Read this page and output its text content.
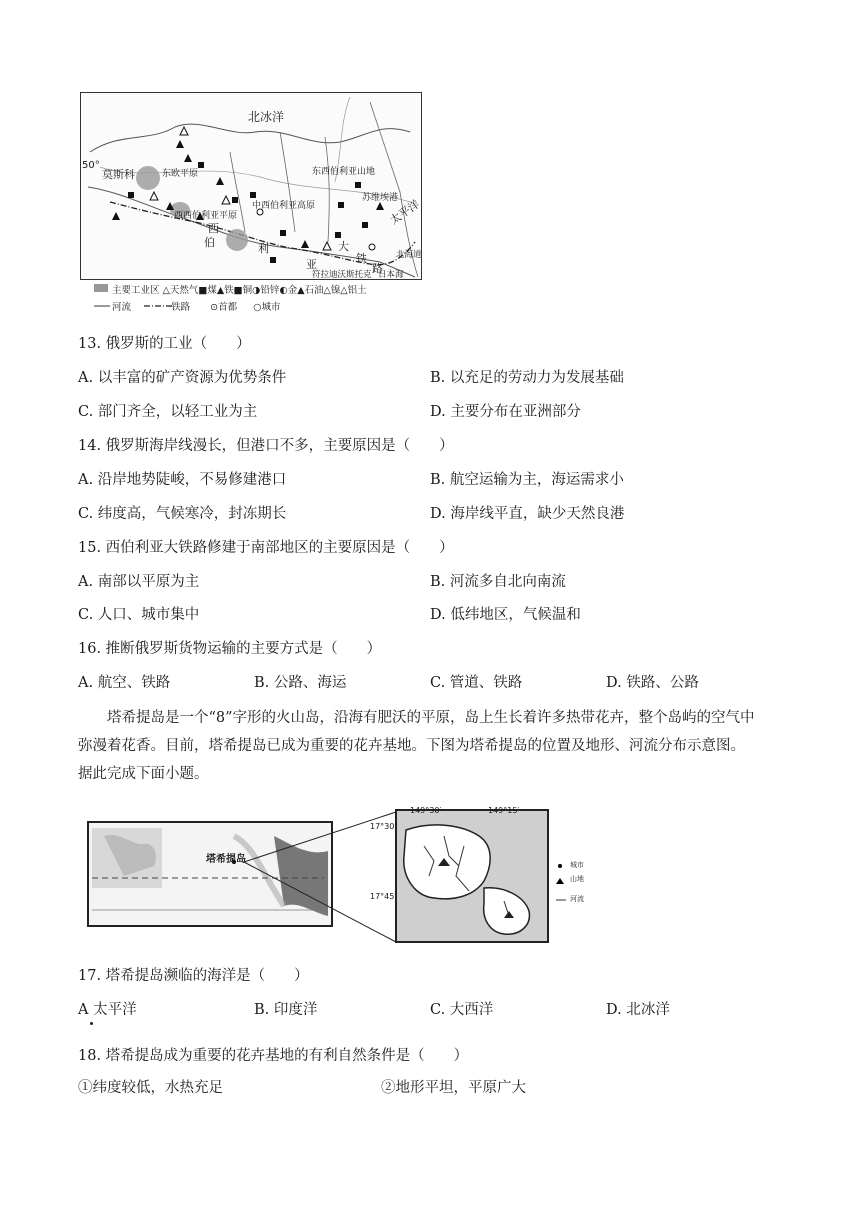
北冰洋
50°
莫斯科	东欧平原
西西伯利亚平原
中西伯利亚高原
东西伯利亚山地
苏维埃港
太平洋
西
伯	利
亚
大
铁
路
北海道
符拉迪沃斯托克 日本海
主要工业区 △天然气■煤▲铁■铜◑铅锌◐金▲石油△镍△铝土
河流	铁路 ⊙首都 ○城市
13. 俄罗斯的工业（　　）
A. 以丰富的矿产资源为优势条件	B. 以充足的劳动力为发展基础
C. 部门齐全，以轻工业为主	D. 主要分布在亚洲部分
14. 俄罗斯海岸线漫长，但港口不多，主要原因是（　　）
A. 沿岸地势陡峻，不易修建港口	B. 航空运输为主，海运需求小
C. 纬度高，气候寒冷，封冻期长	D. 海岸线平直，缺少天然良港
15. 西伯利亚大铁路修建于南部地区的主要原因是（　　）
A. 南部以平原为主	B. 河流多自北向南流
C. 人口、城市集中	D. 低纬地区，气候温和
16. 推断俄罗斯货物运输的主要方式是（　　）
A. 航空、铁路	B. 公路、海运	C. 管道、铁路	D. 铁路、公路
塔希提岛是一个“8”字形的火山岛，沿海有肥沃的平原，岛上生长着许多热带花卉，整个岛屿的空气中
弥漫着花香。目前，塔希提岛已成为重要的花卉基地。下图为塔希提岛的位置及地形、河流分布示意图。
据此完成下面小题。
塔希提岛
149°30′	149°15′
17°30′
17°45′
城市
山地
河流
17. 塔希提岛濒临的海洋是（　　）
A 太平洋	B. 印度洋	C. 大西洋	D. 北冰洋
18. 塔希提岛成为重要的花卉基地的有利自然条件是（　　）
①纬度较低，水热充足	②地形平坦，平原广大
